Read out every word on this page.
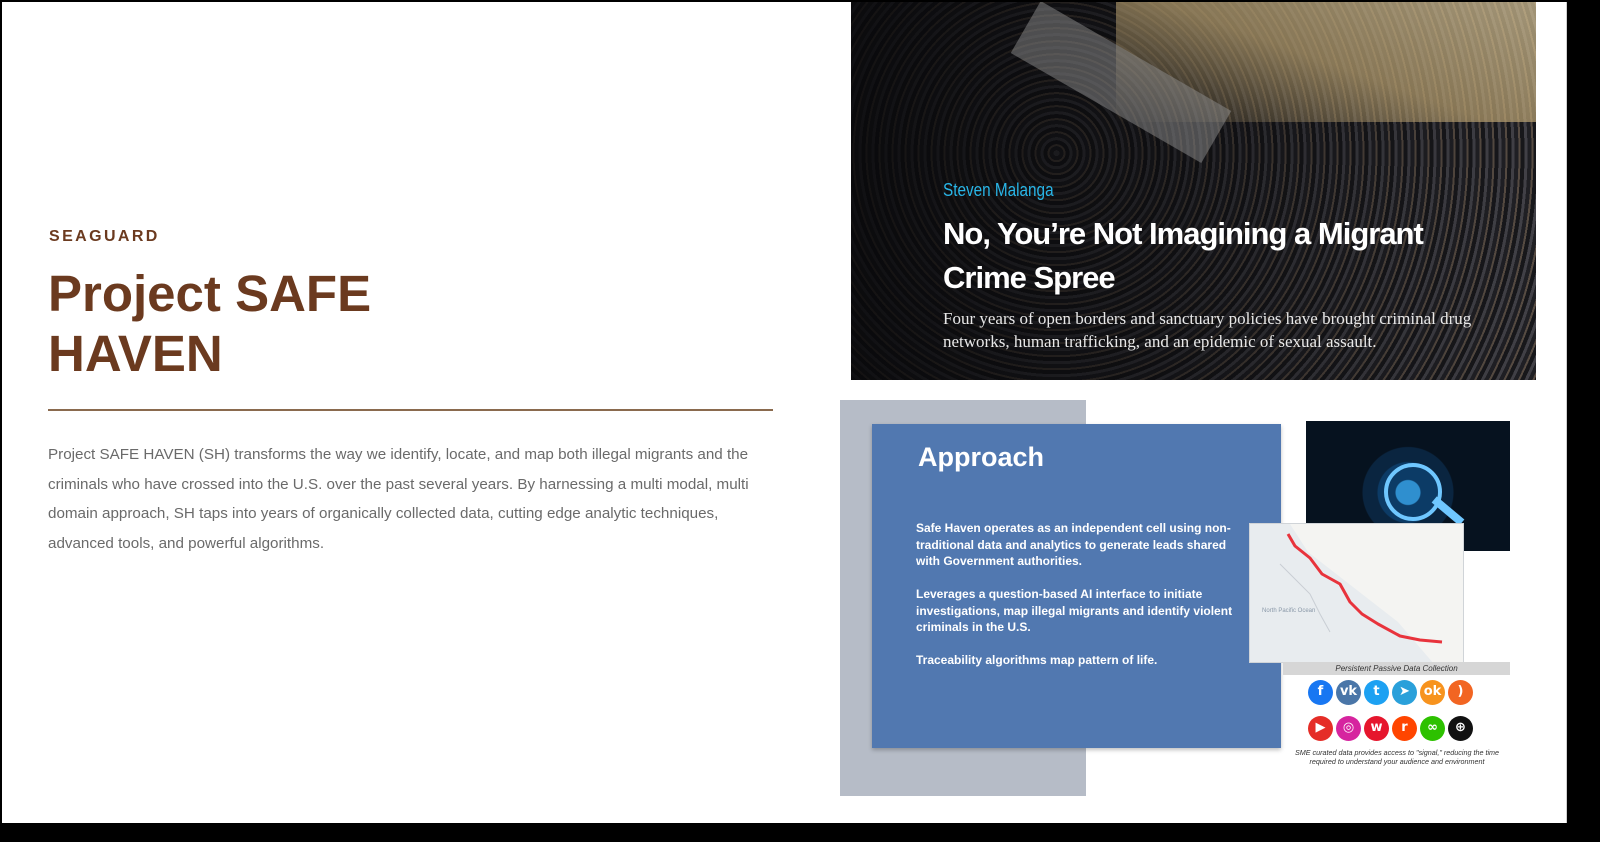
SEAGUARD
Project SAFE
HAVEN
Project SAFE HAVEN (SH) transforms the way we identify, locate, and map both illegal migrants and the criminals who have crossed into the U.S. over the past several years. By harnessing a multi modal, multi domain approach, SH taps into years of organically collected data, cutting edge analytic techniques, advanced tools, and powerful algorithms.
Steven Malanga
No, You’re Not Imagining a Migrant Crime Spree
Four years of open borders and sanctuary policies have brought criminal drug networks, human trafficking, and an epidemic of sexual assault.
Approach
Safe Haven operates as an independent cell using non-traditional data and analytics to generate leads shared with Government authorities.
Leverages a question-based AI interface to initiate investigations, map illegal migrants and identify violent criminals in the U.S.
Traceability algorithms map pattern of life.
North Pacific Ocean
Persistent Passive Data Collection
fvkt➤ok)▶◎wr∞⊕
SME curated data provides access to "signal," reducing the time required to understand your audience and environment
